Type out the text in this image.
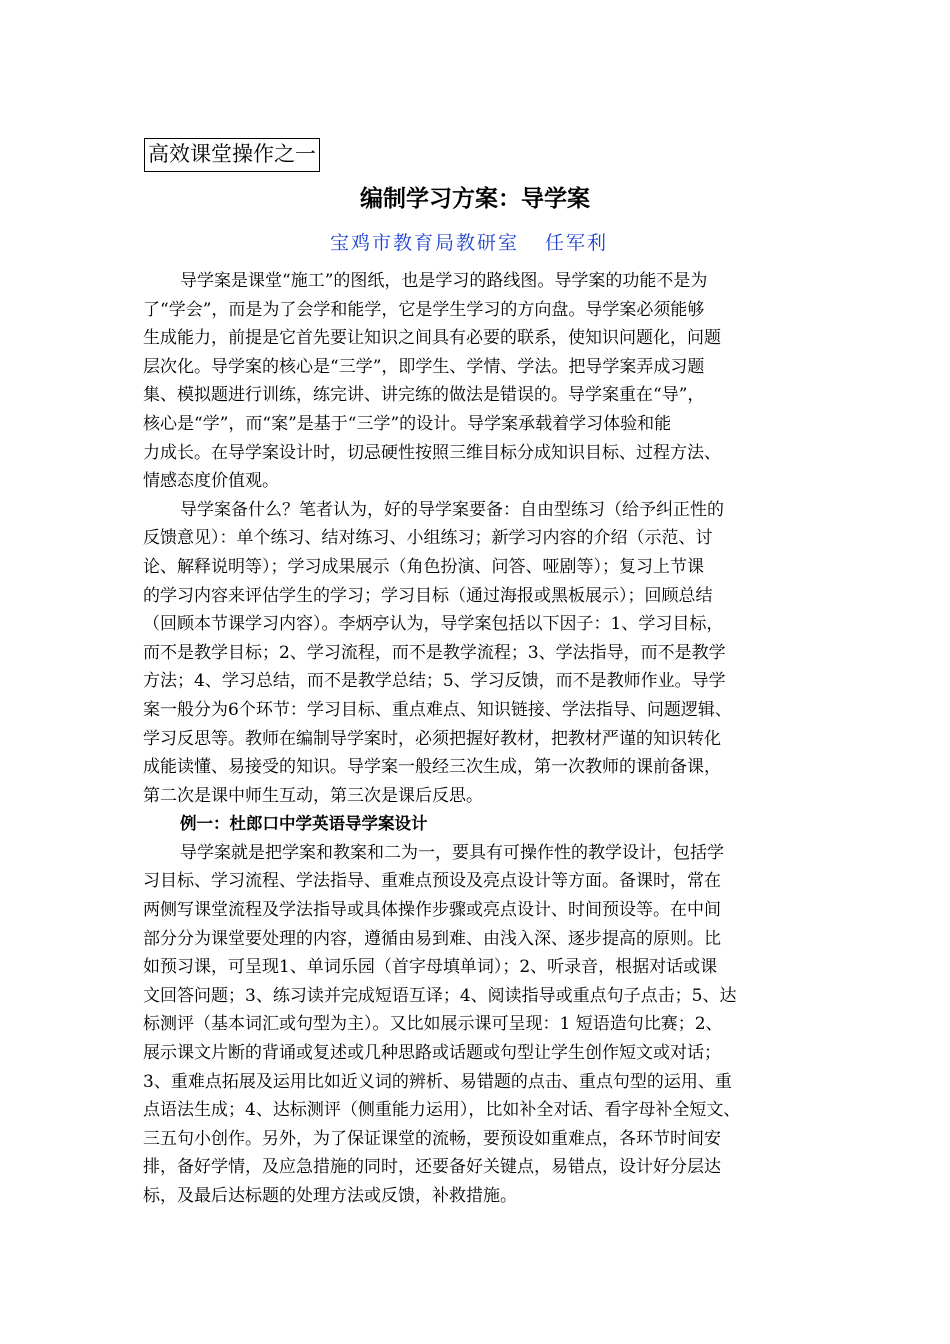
高效课堂操作之一
编制学习方案：导学案
宝鸡市教育局教研室 任军利
导学案是课堂“施工”的图纸，也是学习的路线图。导学案的功能不是为
了“学会”，而是为了会学和能学，它是学生学习的方向盘。导学案必须能够
生成能力，前提是它首先要让知识之间具有必要的联系，使知识问题化，问题
层次化。导学案的核心是“三学”，即学生、学情、学法。把导学案弄成习题
集、模拟题进行训练，练完讲、讲完练的做法是错误的。导学案重在“导”，
核心是“学”，而“案”是基于“三学”的设计。导学案承载着学习体验和能
力成长。在导学案设计时，切忌硬性按照三维目标分成知识目标、过程方法、
情感态度价值观。
导学案备什么？笔者认为，好的导学案要备：自由型练习（给予纠正性的
反馈意见）：单个练习、结对练习、小组练习；新学习内容的介绍（示范、讨
论、解释说明等）；学习成果展示（角色扮演、问答、哑剧等）；复习上节课
的学习内容来评估学生的学习；学习目标（通过海报或黑板展示）；回顾总结
（回顾本节课学习内容）。李炳亭认为，导学案包括以下因子：1、学习目标，
而不是教学目标；2、学习流程，而不是教学流程；3、学法指导，而不是教学
方法；4、学习总结，而不是教学总结；5、学习反馈，而不是教师作业。导学
案一般分为6个环节：学习目标、重点难点、知识链接、学法指导、问题逻辑、
学习反思等。教师在编制导学案时，必须把握好教材，把教材严谨的知识转化
成能读懂、易接受的知识。导学案一般经三次生成，第一次教师的课前备课，
第二次是课中师生互动，第三次是课后反思。
例一：杜郎口中学英语导学案设计
导学案就是把学案和教案和二为一，要具有可操作性的教学设计，包括学
习目标、学习流程、学法指导、重难点预设及亮点设计等方面。备课时，常在
两侧写课堂流程及学法指导或具体操作步骤或亮点设计、时间预设等。在中间
部分分为课堂要处理的内容，遵循由易到难、由浅入深、逐步提高的原则。比
如预习课，可呈现1、单词乐园（首字母填单词）；2、听录音，根据对话或课
文回答问题；3、练习读并完成短语互译；4、阅读指导或重点句子点击；5、达
标测评（基本词汇或句型为主）。又比如展示课可呈现：1 短语造句比赛；2、
展示课文片断的背诵或复述或几种思路或话题或句型让学生创作短文或对话；
3、重难点拓展及运用比如近义词的辨析、易错题的点击、重点句型的运用、重
点语法生成；4、达标测评（侧重能力运用），比如补全对话、看字母补全短文、
三五句小创作。另外，为了保证课堂的流畅，要预设如重难点，各环节时间安
排，备好学情，及应急措施的同时，还要备好关键点，易错点，设计好分层达
标，及最后达标题的处理方法或反馈，补救措施。
